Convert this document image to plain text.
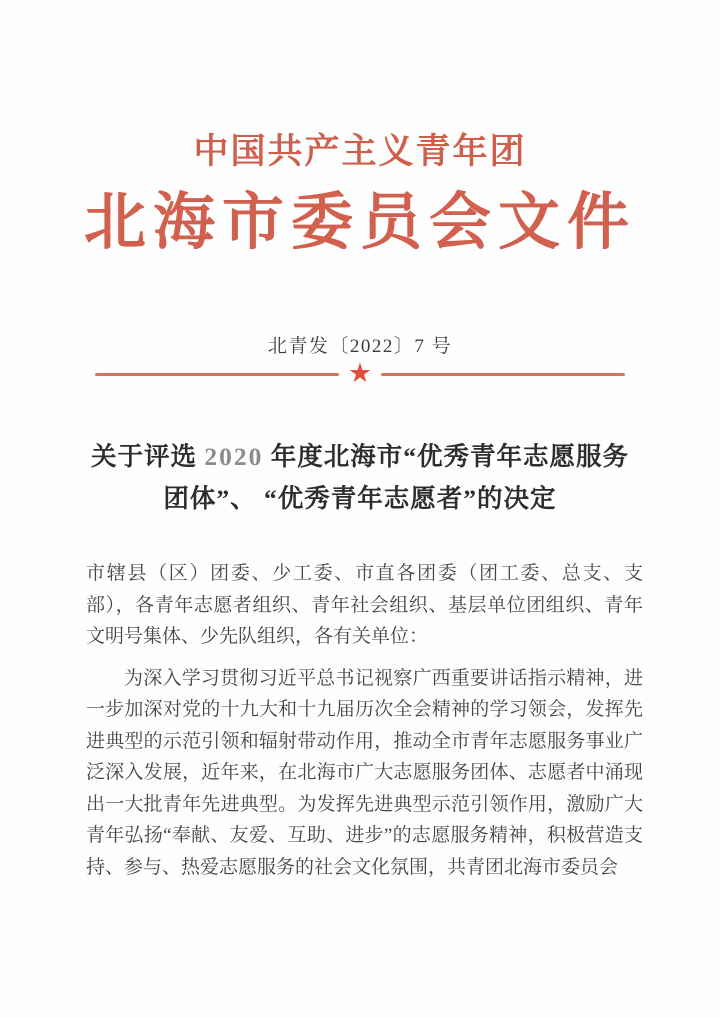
中国共产主义青年团
北海市委员会文件
北青发〔2022〕7 号
★
关于评选 2020 年度北海市“优秀青年志愿服务
团体”、 “优秀青年志愿者”的决定

市辖县（区）团委、少工委、市直各团委（团工委、总支、支部），各青年志愿者组织、青年社会组织、基层单位团组织、青年文明号集体、少先队组织，各有关单位：

为深入学习贯彻习近平总书记视察广西重要讲话指示精神，进一步加深对党的十九大和十九届历次全会精神的学习领会，发挥先进典型的示范引领和辐射带动作用，推动全市青年志愿服务事业广泛深入发展，近年来，在北海市广大志愿服务团体、志愿者中涌现出一大批青年先进典型。为发挥先进典型示范引领作用，激励广大青年弘扬“奉献、友爱、互助、进步”的志愿服务精神，积极营造支持、参与、热爱志愿服务的社会文化氛围，共青团北海市委员会
